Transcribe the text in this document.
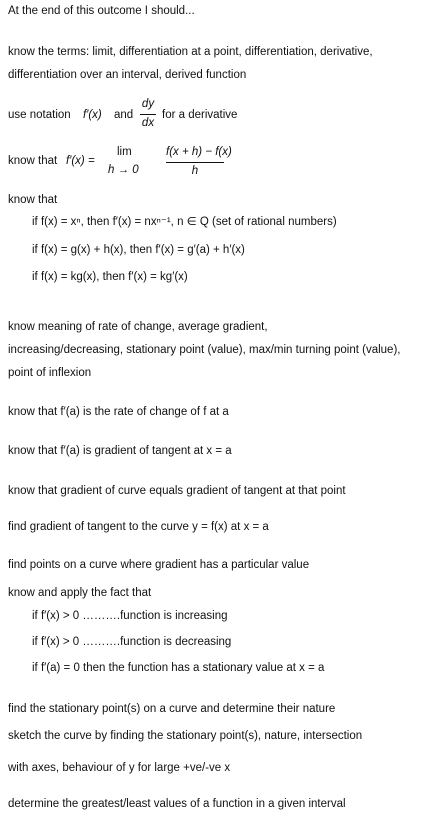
At the end of this outcome I should...
know the terms: limit, differentiation at a point, differentiation, derivative,
differentiation over an interval, derived function
use notation f′(x) and
dy
dx
for a derivative
know that f′(x) =
lim
h → 0
f(x + h) − f(x)
h
know that
if f(x) = xⁿ, then f′(x) = nxⁿ⁻¹, n ∈ Q (set of rational numbers)
if f(x) = g(x) + h(x), then f′(x) = g′(a) + h′(x)
if f(x) = kg(x), then f′(x) = kg′(x)
know meaning of rate of change, average gradient,
increasing/decreasing, stationary point (value), max/min turning point (value),
point of inflexion
know that f′(a) is the rate of change of f at a
know that f′(a) is gradient of tangent at x = a
know that gradient of curve equals gradient of tangent at that point
find gradient of tangent to the curve y = f(x) at x = a
find points on a curve where gradient has a particular value
know and apply the fact that
if f′(x) > 0 ……….function is increasing
if f′(x) > 0 ……….function is decreasing
if f′(a) = 0 then the function has a stationary value at x = a
find the stationary point(s) on a curve and determine their nature
sketch the curve by finding the stationary point(s), nature, intersection
with axes, behaviour of y for large +ve/-ve x
determine the greatest/least values of a function in a given interval
